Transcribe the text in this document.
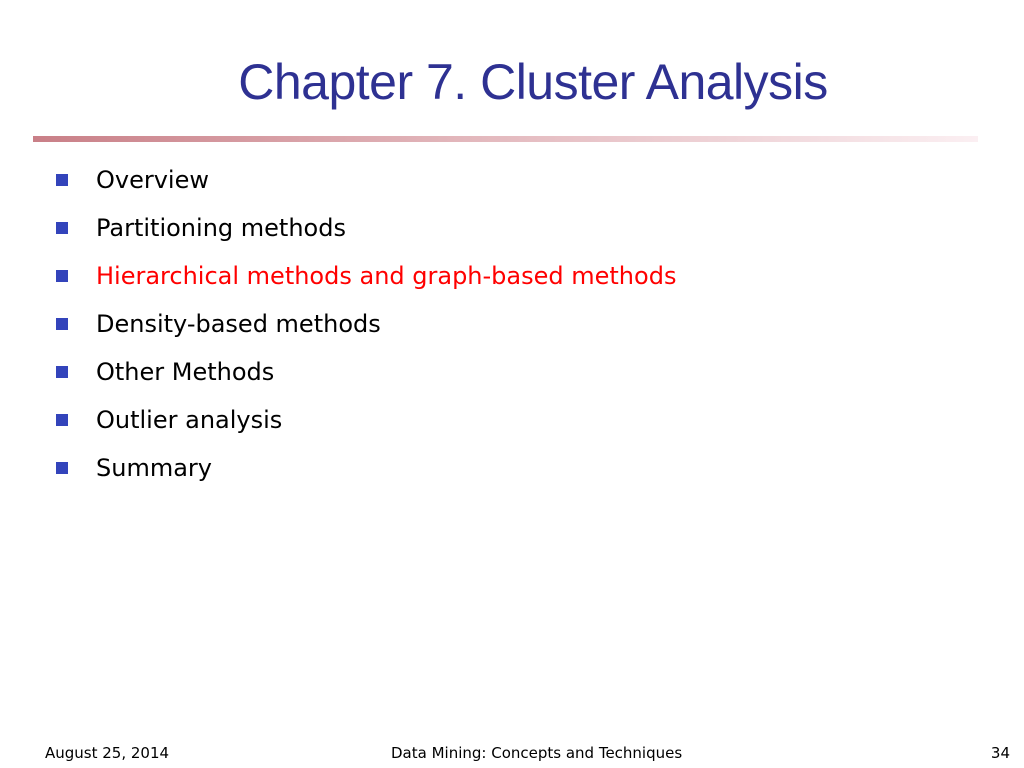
Chapter 7. Cluster Analysis
Overview
Partitioning methods
Hierarchical methods and graph-based methods
Density-based methods
Other Methods
Outlier analysis
Summary
August 25, 2014	Data Mining: Concepts and Techniques	34
